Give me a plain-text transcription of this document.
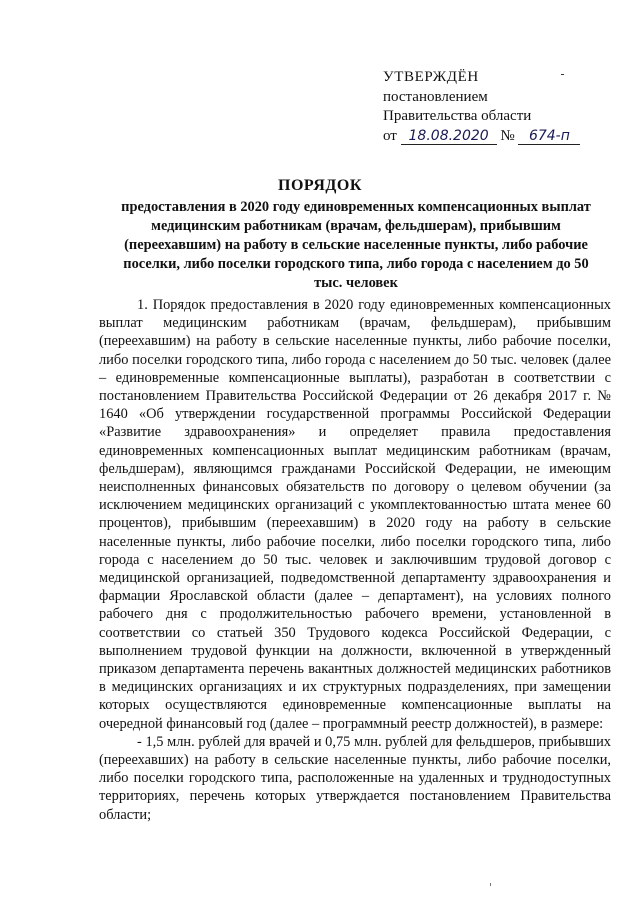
УТВЕРЖДЁН
постановлением
Правительства области
от 18.08.2020 № 674-п
ПОРЯДОК
предоставления в 2020 году единовременных компенсационных выплат медицинским работникам (врачам, фельдшерам), прибывшим (переехавшим) на работу в сельские населенные пункты, либо рабочие поселки, либо поселки городского типа, либо города с населением до 50 тыс. человек

1. Порядок предоставления в 2020 году единовременных компенсационных выплат медицинским работникам (врачам, фельдшерам), прибывшим (переехавшим) на работу в сельские населенные пункты, либо рабочие поселки, либо поселки городского типа, либо города с населением до 50 тыс. человек (далее – единовременные компенсационные выплаты), разработан в соответствии с постановлением Правительства Российской Федерации от 26 декабря 2017 г. № 1640 «Об утверждении государственной программы Российской Федерации «Развитие здравоохранения» и определяет правила предоставления единовременных компенсационных выплат медицинским работникам (врачам, фельдшерам), являющимся гражданами Российской Федерации, не имеющим неисполненных финансовых обязательств по договору о целевом обучении (за исключением медицинских организаций с укомплектованностью штата менее 60 процентов), прибывшим (переехавшим) в 2020 году на работу в сельские населенные пункты, либо рабочие поселки, либо поселки городского типа, либо города с населением до 50 тыс. человек и заключившим трудовой договор с медицинской организацией, подведомственной департаменту здравоохранения и фармации Ярославской области (далее – департамент), на условиях полного рабочего дня с продолжительностью рабочего времени, установленной в соответствии со статьей 350 Трудового кодекса Российской Федерации, с выполнением трудовой функции на должности, включенной в утвержденный приказом департамента перечень вакантных должностей медицинских работников в медицинских организациях и их структурных подразделениях, при замещении которых осуществляются единовременные компенсационные выплаты на очередной финансовый год (далее – программный реестр должностей), в размере:

- 1,5 млн. рублей для врачей и 0,75 млн. рублей для фельдшеров, прибывших (переехавших) на работу в сельские населенные пункты, либо рабочие поселки, либо поселки городского типа, расположенные на удаленных и труднодоступных территориях, перечень которых утверждается постановлением Правительства области;
